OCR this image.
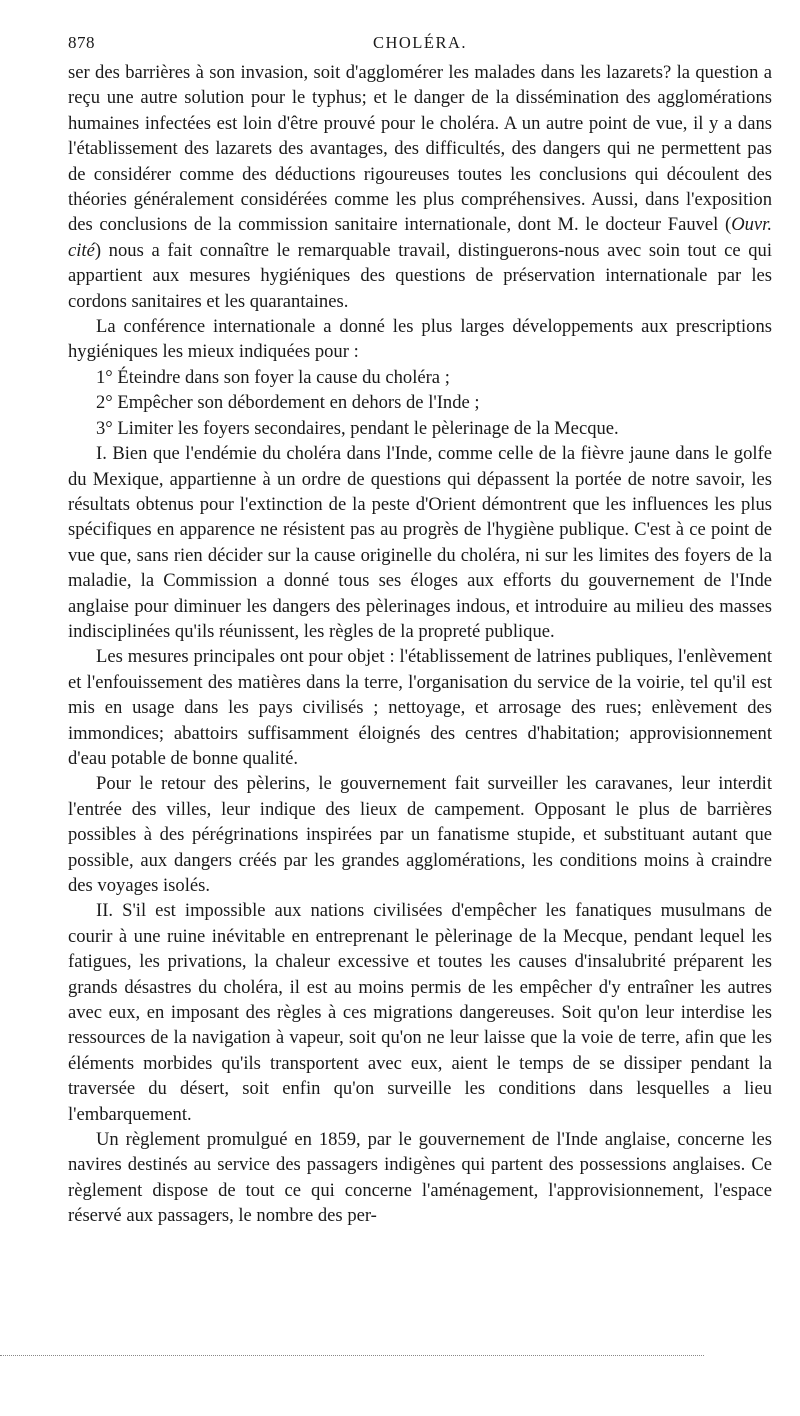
878	CHOLÉRA.

ser des barrières à son invasion, soit d'agglomérer les malades dans les lazarets? la question a reçu une autre solution pour le typhus; et le danger de la dissémination des agglomérations humaines infectées est loin d'être prouvé pour le choléra. A un autre point de vue, il y a dans l'établissement des lazarets des avantages, des difficultés, des dangers qui ne permettent pas de considérer comme des déductions rigoureuses toutes les conclusions qui découlent des théories généralement considérées comme les plus compréhensives. Aussi, dans l'exposition des conclusions de la commission sanitaire internationale, dont M. le docteur Fauvel (Ouvr. cité) nous a fait connaître le remarquable travail, distinguerons-nous avec soin tout ce qui appartient aux mesures hygiéniques des questions de préservation internationale par les cordons sanitaires et les quarantaines.

La conférence internationale a donné les plus larges développements aux prescriptions hygiéniques les mieux indiquées pour :

1° Éteindre dans son foyer la cause du choléra ;

2° Empêcher son débordement en dehors de l'Inde ;

3° Limiter les foyers secondaires, pendant le pèlerinage de la Mecque.

I. Bien que l'endémie du choléra dans l'Inde, comme celle de la fièvre jaune dans le golfe du Mexique, appartienne à un ordre de questions qui dépassent la portée de notre savoir, les résultats obtenus pour l'extinction de la peste d'Orient démontrent que les influences les plus spécifiques en apparence ne résistent pas au progrès de l'hygiène publique. C'est à ce point de vue que, sans rien décider sur la cause originelle du choléra, ni sur les limites des foyers de la maladie, la Commission a donné tous ses éloges aux efforts du gouvernement de l'Inde anglaise pour diminuer les dangers des pèlerinages indous, et introduire au milieu des masses indisciplinées qu'ils réunissent, les règles de la propreté publique.

Les mesures principales ont pour objet : l'établissement de latrines publiques, l'enlèvement et l'enfouissement des matières dans la terre, l'organisation du service de la voirie, tel qu'il est mis en usage dans les pays civilisés ; nettoyage, et arrosage des rues; enlèvement des immondices; abattoirs suffisamment éloignés des centres d'habitation; approvisionnement d'eau potable de bonne qualité.

Pour le retour des pèlerins, le gouvernement fait surveiller les caravanes, leur interdit l'entrée des villes, leur indique des lieux de campement. Opposant le plus de barrières possibles à des pérégrinations inspirées par un fanatisme stupide, et substituant autant que possible, aux dangers créés par les grandes agglomérations, les conditions moins à craindre des voyages isolés.

II. S'il est impossible aux nations civilisées d'empêcher les fanatiques musulmans de courir à une ruine inévitable en entreprenant le pèlerinage de la Mecque, pendant lequel les fatigues, les privations, la chaleur excessive et toutes les causes d'insalubrité préparent les grands désastres du choléra, il est au moins permis de les empêcher d'y entraîner les autres avec eux, en imposant des règles à ces migrations dangereuses. Soit qu'on leur interdise les ressources de la navigation à vapeur, soit qu'on ne leur laisse que la voie de terre, afin que les éléments morbides qu'ils transportent avec eux, aient le temps de se dissiper pendant la traversée du désert, soit enfin qu'on surveille les conditions dans lesquelles a lieu l'embarquement.

Un règlement promulgué en 1859, par le gouvernement de l'Inde anglaise, concerne les navires destinés au service des passagers indigènes qui partent des possessions anglaises. Ce règlement dispose de tout ce qui concerne l'aménagement, l'approvisionnement, l'espace réservé aux passagers, le nombre des per-
